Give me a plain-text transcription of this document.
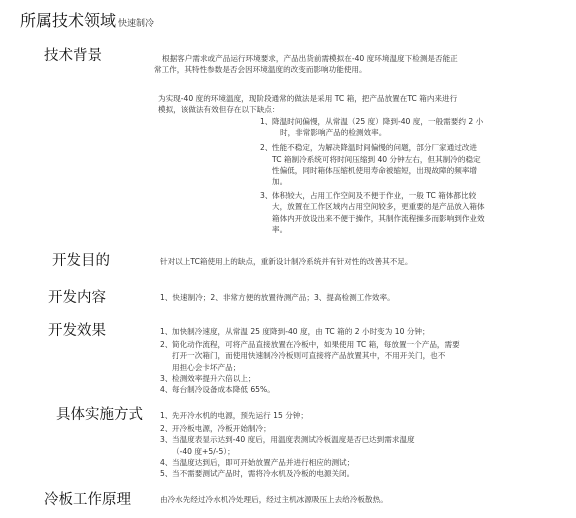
所属技术领域 快速制冷
技术背景	根据客户需求或产品运行环境要求，产品出货前需模拟在-40 度环境温度下检测是否能正
常工作，其特性参数是否会因环境温度的改变而影响功能使用。
为实现-40 度的环境温度，现阶段通常的做法是采用 TC 箱，把产品放置在TC 箱内来进行
模拟，该做法有效但存在以下缺点：
1、 降温时间偏慢，从常温（25 度）降到-40 度，一般需要约 2 小
时，非常影响产品的检测效率。
2、 性能不稳定，为解决降温时间偏慢的问题，部分厂家通过改进
TC 箱制冷系统可将时间压缩到 40 分钟左右，但其制冷的稳定
性偏低，同时箱体压缩机使用寿命被缩短，出现故障的频率增
加。
3、 体积较大，占用工作空间及不便于作业，一般 TC 箱体都比较
大，放置在工作区域内占用空间较多，更重要的是产品放入箱体
箱体内开放设出来不便于操作，其制作流程操多而影响到作业效
率。
开发目的	针对以上TC箱使用上的缺点，重新设计制冷系统并有针对性的改善其不足。
开发内容	1、快速制冷；2、非常方便的放置待测产品；3、提高检测工作效率。
开发效果	1、 加快制冷速度，从常温 25 度降到-40 度，由 TC 箱的 2 小时变为 10 分钟；
2、 简化动作流程，可将产品直接放置在冷板中，如果使用 TC 箱，每放置一个产品，需要
打开一次箱门，而使用快速制冷冷板则可直接将产品放置其中，不用开关门，也不
用担心会卡坏产品；
3、 检测效率提升六倍以上；
4、 每台制冷设备成本降低 65%。
具体实施方式 1、 先开冷水机的电源，预先运行 15 分钟；
2、 开冷板电源，冷板开始制冷；
3、 当温度表显示达到-40 度后，用温度表测试冷板温度是否已达到需求温度
（-40 度+5/-5）；
4、 当温度达到后，即可开始放置产品并进行相应的测试；
5、 当不需要测试产品时，需将冷水机及冷板的电源关闭。
冷板工作原理	由冷水先经过冷水机冷处理后，经过主机冰源吸压上去给冷板散热。
